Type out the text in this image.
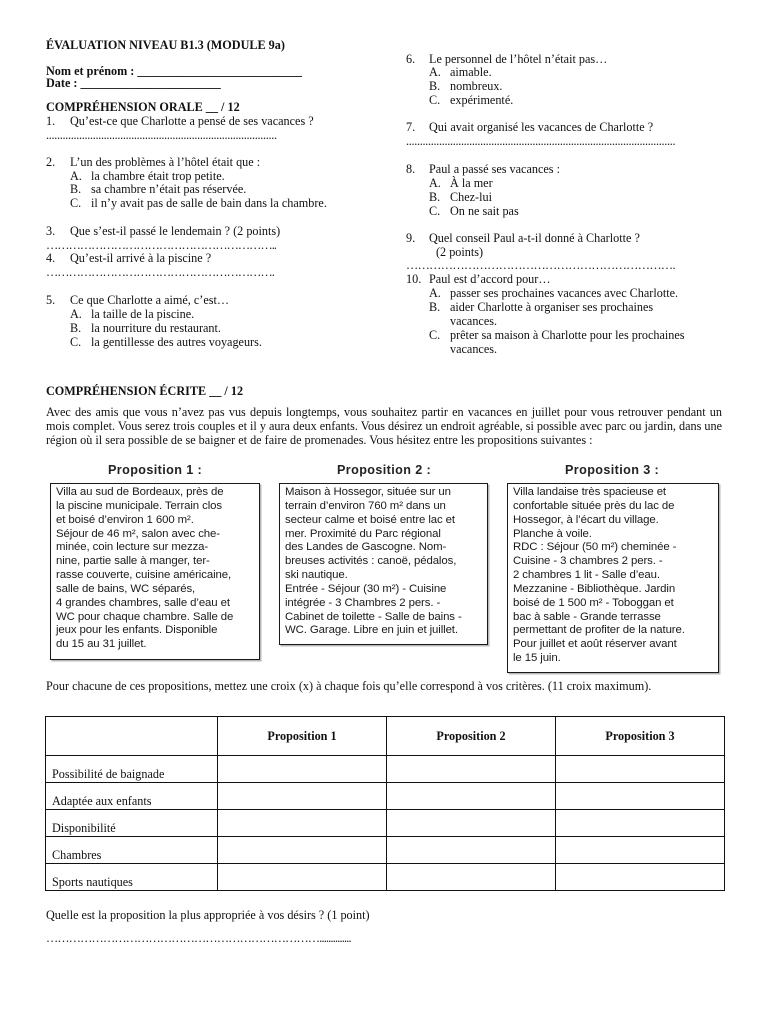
ÉVALUATION NIVEAU B1.3 (MODULE 9a)
Nom et prénom : ___________________________
Date : _______________________
COMPRÉHENSION ORALE __ / 12
1. Qu’est-ce que Charlotte a pensé de ses vacances ?
....................................................................................
2. L’un des problèmes à l’hôtel était que :
A. la chambre était trop petite.
B. sa chambre n’était pas réservée.
C. il n’y avait pas de salle de bain dans la chambre.
3. Que s’est-il passé le lendemain ? (2 points)
……………………………………………………..
4. Qu’est-il arrivé à la piscine ?
…………………………………………………….
5. Ce que Charlotte a aimé, c’est…
A. la taille de la piscine.
B. la nourriture du restaurant.
C. la gentillesse des autres voyageurs.
6. Le personnel de l’hôtel n’était pas…
A. aimable.
B. nombreux.
C. expérimenté.
7. Qui avait organisé les vacances de Charlotte ?
..................................................................................................
8. Paul a passé ses vacances :
A. À la mer
B. Chez-lui
C. On ne sait pas
9. Quel conseil Paul a-t-il donné à Charlotte ?
(2 points)
…………………………………………………………….
10. Paul est d’accord pour…
A. passer ses prochaines vacances avec Charlotte.
B. aider Charlotte à organiser ses prochaines
vacances.
C. prêter sa maison à Charlotte pour les prochaines
vacances.
COMPRÉHENSION ÉCRITE __ / 12
Avec des amis que vous n’avez pas vus depuis longtemps, vous souhaitez partir en vacances en juillet pour vous retrouver pendant un mois complet. Vous serez trois couples et il y aura deux enfants. Vous désirez un endroit agréable, si possible avec parc ou jardin, dans une région où il sera possible de se baigner et de faire de promenades. Vous hésitez entre les propositions suivantes :
Proposition 1 :	Proposition 2 :	Proposition 3 :
Villa au sud de Bordeaux, près de
la piscine municipale. Terrain clos
et boisé d’environ 1 600 m².
Séjour de 46 m², salon avec che-
minée, coin lecture sur mezza-
nine, partie salle à manger, ter-
rasse couverte, cuisine américaine,
salle de bains, WC séparés,
4 grandes chambres, salle d’eau et
WC pour chaque chambre. Salle de
jeux pour les enfants. Disponible
du 15 au 31 juillet.
Maison à Hossegor, située sur un
terrain d’environ 760 m² dans un
secteur calme et boisé entre lac et
mer. Proximité du Parc régional
des Landes de Gascogne. Nom-
breuses activités : canoë, pédalos,
ski nautique.
Entrée - Séjour (30 m²) - Cuisine
intégrée - 3 Chambres 2 pers. -
Cabinet de toilette - Salle de bains -
WC. Garage. Libre en juin et juillet.
Villa landaise très spacieuse et
confortable située près du lac de
Hossegor, à l’écart du village.
Planche à voile.
RDC : Séjour (50 m²) cheminée -
Cuisine - 3 chambres 2 pers. -
2 chambres 1 lit - Salle d’eau.
Mezzanine - Bibliothèque. Jardin
boisé de 1 500 m² - Toboggan et
bac à sable - Grande terrasse
permettant de profiter de la nature.
Pour juillet et août réserver avant
le 15 juin.
Pour chacune de ces propositions, mettez une croix (x) à chaque fois qu’elle correspond à vos critères. (11 croix maximum).
	Proposition 1	Proposition 2	Proposition 3
Possibilité de baignade			
Adaptée aux enfants			
Disponibilité			
Chambres			
Sports nautiques			
Quelle est la proposition la plus appropriée à vos désirs ? (1 point)
………………………………………………………………..............
